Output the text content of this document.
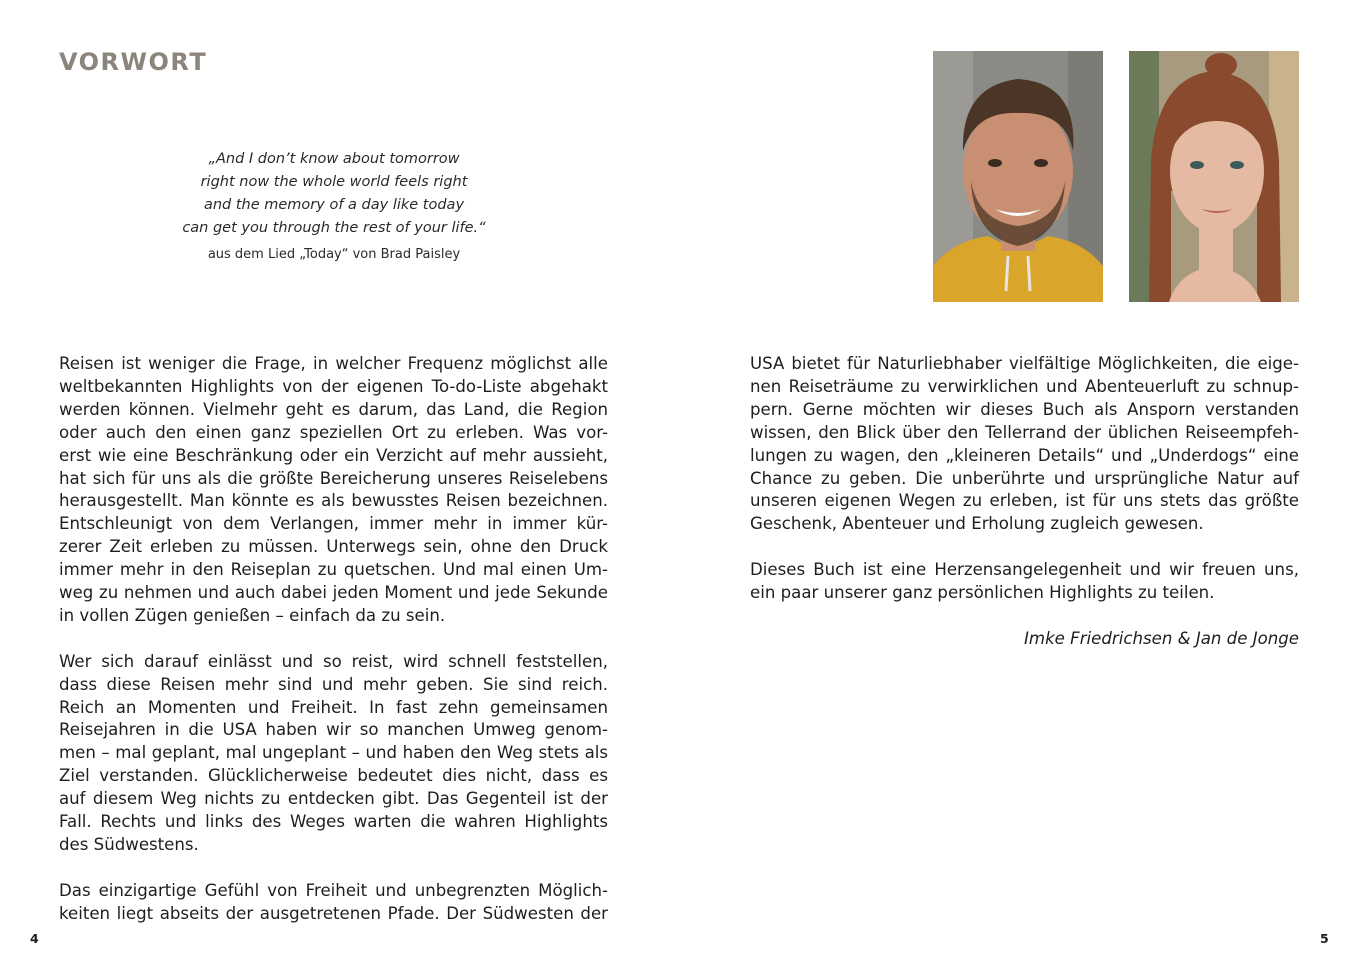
VORWORT
„And I don’t know about tomorrow
right now the whole world feels right
and the memory of a day like today
can get you through the rest of your life.“
aus dem Lied „Today“ von Brad Paisley

Reisen ist weniger die Frage, in welcher Frequenz möglichst alle
weltbekannten Highlights von der eigenen To-do-Liste abgehakt
werden können. Vielmehr geht es darum, das Land, die Region
oder auch den einen ganz speziellen Ort zu erleben. Was vor-
erst wie eine Beschränkung oder ein Verzicht auf mehr aussieht,
hat sich für uns als die größte Bereicherung unseres Reiselebens
herausgestellt. Man könnte es als bewusstes Reisen bezeichnen.
Entschleunigt von dem Verlangen, immer mehr in immer kür-
zerer Zeit erleben zu müssen. Unterwegs sein, ohne den Druck
immer mehr in den Reiseplan zu quetschen. Und mal einen Um-
weg zu nehmen und auch dabei jeden Moment und jede Sekunde
in vollen Zügen genießen – einfach da zu sein.

Wer sich darauf einlässt und so reist, wird schnell feststellen,
dass diese Reisen mehr sind und mehr geben. Sie sind reich.
Reich an Momenten und Freiheit. In fast zehn gemeinsamen
Reisejahren in die USA haben wir so manchen Umweg genom-
men – mal geplant, mal ungeplant – und haben den Weg stets als
Ziel verstanden. Glücklicherweise bedeutet dies nicht, dass es
auf diesem Weg nichts zu entdecken gibt. Das Gegenteil ist der
Fall. Rechts und links des Weges warten die wahren Highlights
des Südwestens.

Das einzigartige Gefühl von Freiheit und unbegrenzten Möglich-
keiten liegt abseits der ausgetretenen Pfade. Der Südwesten der

4

USA bietet für Naturliebhaber vielfältige Möglichkeiten, die eige-
nen Reiseträume zu verwirklichen und Abenteuerluft zu schnup-
pern. Gerne möchten wir dieses Buch als Ansporn verstanden
wissen, den Blick über den Tellerrand der üblichen Reiseempfeh-
lungen zu wagen, den „kleineren Details“ und „Underdogs“ eine
Chance zu geben. Die unberührte und ursprüngliche Natur auf
unseren eigenen Wegen zu erleben, ist für uns stets das größte
Geschenk, Abenteuer und Erholung zugleich gewesen.

Dieses Buch ist eine Herzensangelegenheit und wir freuen uns,
ein paar unserer ganz persönlichen Highlights zu teilen.

Imke Friedrichsen & Jan de Jonge
5
